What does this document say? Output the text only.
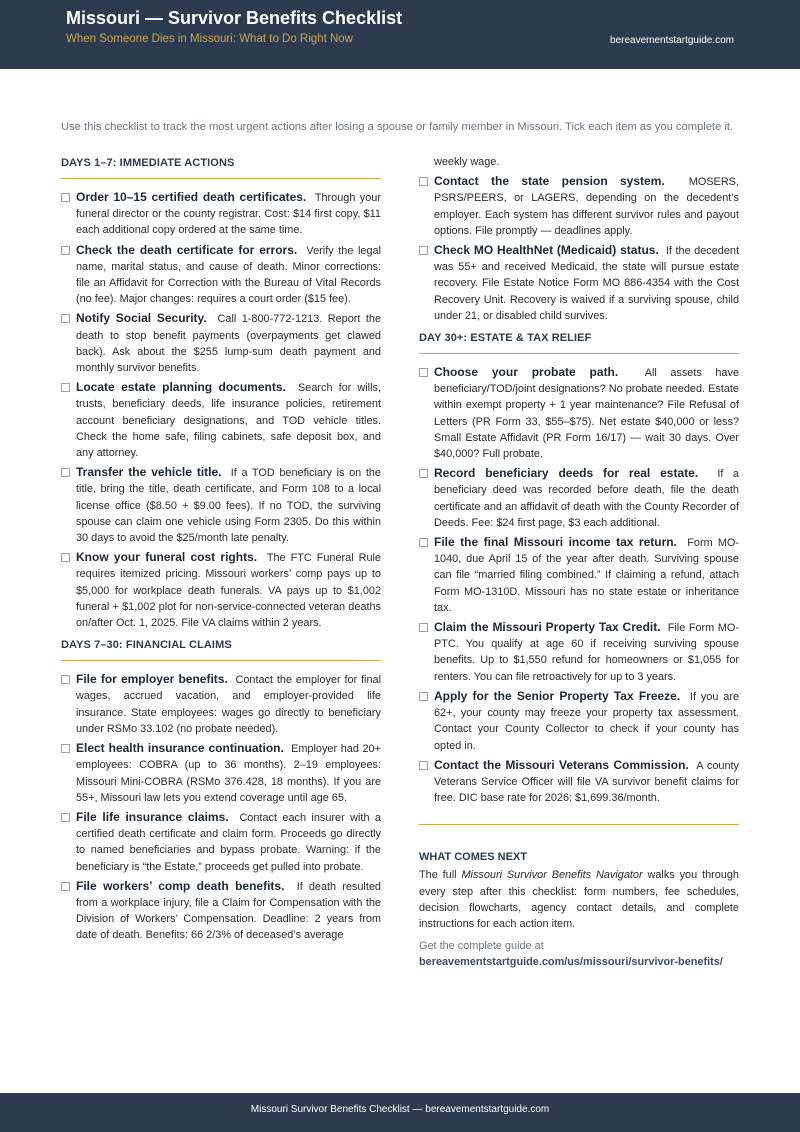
Missouri — Survivor Benefits Checklist
When Someone Dies in Missouri: What to Do Right Now	bereavementstartguide.com
Use this checklist to track the most urgent actions after losing a spouse or family member in Missouri. Tick each item as you complete it.
DAYS 1–7: IMMEDIATE ACTIONS
Order 10–15 certified death certificates. Through your funeral director or the county registrar. Cost: $14 first copy, $11 each additional copy ordered at the same time.
Check the death certificate for errors. Verify the legal name, marital status, and cause of death. Minor corrections: file an Affidavit for Correction with the Bureau of Vital Records (no fee). Major changes: requires a court order ($15 fee).
Notify Social Security. Call 1-800-772-1213. Report the death to stop benefit payments (overpayments get clawed back). Ask about the $255 lump-sum death payment and monthly survivor benefits.
Locate estate planning documents. Search for wills, trusts, beneficiary deeds, life insurance policies, retirement account beneficiary designations, and TOD vehicle titles. Check the home safe, filing cabinets, safe deposit box, and any attorney.
Transfer the vehicle title. If a TOD beneficiary is on the title, bring the title, death certificate, and Form 108 to a local license office ($8.50 + $9.00 fees). If no TOD, the surviving spouse can claim one vehicle using Form 2305. Do this within 30 days to avoid the $25/month late penalty.
Know your funeral cost rights. The FTC Funeral Rule requires itemized pricing. Missouri workers’ comp pays up to $5,000 for workplace death funerals. VA pays up to $1,002 funeral + $1,002 plot for non-service-connected veteran deaths on/after Oct. 1, 2025. File VA claims within 2 years.
DAYS 7–30: FINANCIAL CLAIMS
File for employer benefits. Contact the employer for final wages, accrued vacation, and employer-provided life insurance. State employees: wages go directly to beneficiary under RSMo 33.102 (no probate needed).
Elect health insurance continuation. Employer had 20+ employees: COBRA (up to 36 months). 2–19 employees: Missouri Mini-COBRA (RSMo 376.428, 18 months). If you are 55+, Missouri law lets you extend coverage until age 65.
File life insurance claims. Contact each insurer with a certified death certificate and claim form. Proceeds go directly to named beneficiaries and bypass probate. Warning: if the beneficiary is “the Estate,” proceeds get pulled into probate.
File workers’ comp death benefits. If death resulted from a workplace injury, file a Claim for Compensation with the Division of Workers’ Compensation. Deadline: 2 years from date of death. Benefits: 66 2/3% of deceased’s average
weekly wage.
Contact the state pension system. MOSERS, PSRS/PEERS, or LAGERS, depending on the decedent’s employer. Each system has different survivor rules and payout options. File promptly — deadlines apply.
Check MO HealthNet (Medicaid) status. If the decedent was 55+ and received Medicaid, the state will pursue estate recovery. File Estate Notice Form MO 886-4354 with the Cost Recovery Unit. Recovery is waived if a surviving spouse, child under 21, or disabled child survives.
DAY 30+: ESTATE & TAX RELIEF
Choose your probate path. All assets have beneficiary/TOD/joint designations? No probate needed. Estate within exempt property + 1 year maintenance? File Refusal of Letters (PR Form 33, $55–$75). Net estate $40,000 or less? Small Estate Affidavit (PR Form 16/17) — wait 30 days. Over $40,000? Full probate.
Record beneficiary deeds for real estate. If a beneficiary deed was recorded before death, file the death certificate and an affidavit of death with the County Recorder of Deeds. Fee: $24 first page, $3 each additional.
File the final Missouri income tax return. Form MO-1040, due April 15 of the year after death. Surviving spouse can file “married filing combined.” If claiming a refund, attach Form MO-1310D. Missouri has no state estate or inheritance tax.
Claim the Missouri Property Tax Credit. File Form MO-PTC. You qualify at age 60 if receiving surviving spouse benefits. Up to $1,550 refund for homeowners or $1,055 for renters. You can file retroactively for up to 3 years.
Apply for the Senior Property Tax Freeze. If you are 62+, your county may freeze your property tax assessment. Contact your County Collector to check if your county has opted in.
Contact the Missouri Veterans Commission. A county Veterans Service Officer will file VA survivor benefit claims for free. DIC base rate for 2026: $1,699.36/month.
WHAT COMES NEXT
The full Missouri Survivor Benefits Navigator walks you through every step after this checklist: form numbers, fee schedules, decision flowcharts, agency contact details, and complete instructions for each action item.
Get the complete guide at
bereavementstartguide.com/us/missouri/survivor-benefits/
Missouri Survivor Benefits Checklist — bereavementstartguide.com
